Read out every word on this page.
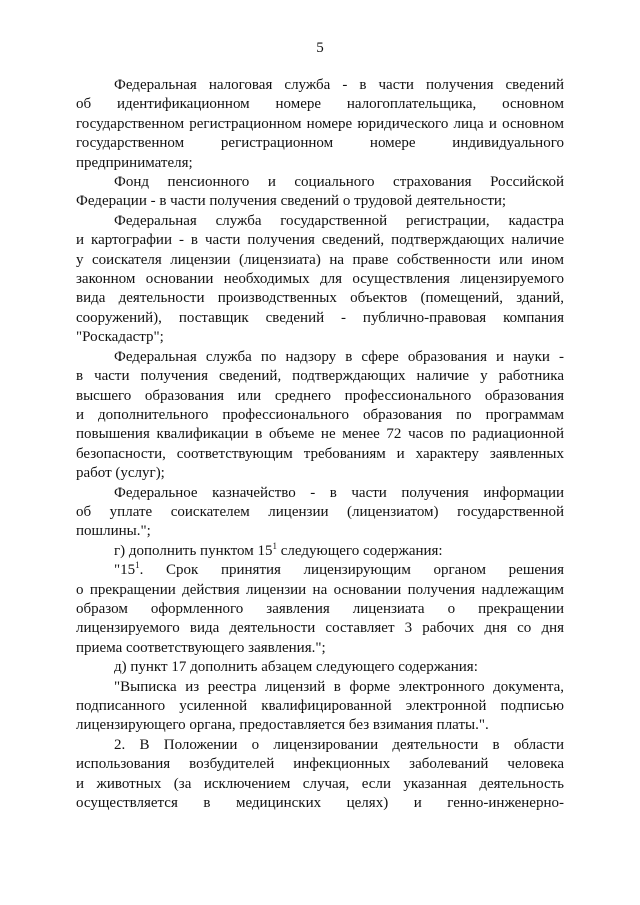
5
Федеральная налоговая служба - в части получения сведений
об идентификационном номере налогоплательщика, основном
государственном регистрационном номере юридического лица и основном
государственном регистрационном номере индивидуального
предпринимателя;
Фонд пенсионного и социального страхования Российской
Федерации - в части получения сведений о трудовой деятельности;
Федеральная служба государственной регистрации, кадастра
и картографии - в части получения сведений, подтверждающих наличие
у соискателя лицензии (лицензиата) на праве собственности или ином
законном основании необходимых для осуществления лицензируемого
вида деятельности производственных объектов (помещений, зданий,
сооружений), поставщик сведений - публично-правовая компания
"Роскадастр";
Федеральная служба по надзору в сфере образования и науки -
в части получения сведений, подтверждающих наличие у работника
высшего образования или среднего профессионального образования
и дополнительного профессионального образования по программам
повышения квалификации в объеме не менее 72 часов по радиационной
безопасности, соответствующим требованиям и характеру заявленных
работ (услуг);
Федеральное казначейство - в части получения информации
об уплате соискателем лицензии (лицензиатом) государственной
пошлины.";
г) дополнить пунктом $15^1$ следующего содержания:
"$15^1$. Срок принятия лицензирующим органом решения
о прекращении действия лицензии на основании получения надлежащим
образом оформленного заявления лицензиата о прекращении
лицензируемого вида деятельности составляет 3 рабочих дня со дня
приема соответствующего заявления.";
д) пункт 17 дополнить абзацем следующего содержания:
"Выписка из реестра лицензий в форме электронного документа,
подписанного усиленной квалифицированной электронной подписью
лицензирующего органа, предоставляется без взимания платы.".
2. В Положении о лицензировании деятельности в области
использования возбудителей инфекционных заболеваний человека
и животных (за исключением случая, если указанная деятельность
осуществляется в медицинских целях) и генно-инженерно-
